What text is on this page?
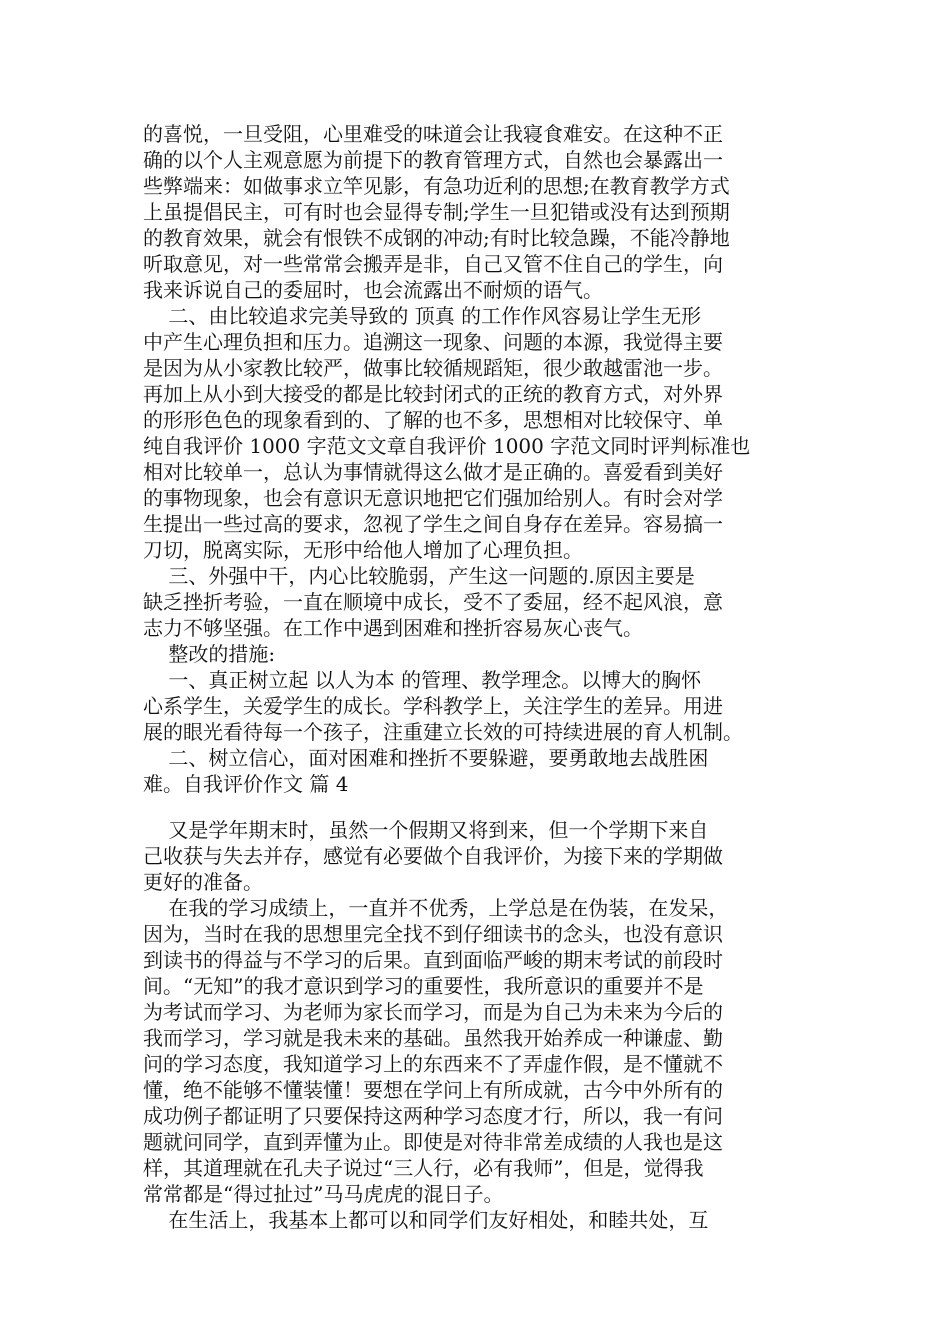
的喜悦，一旦受阻，心里难受的味道会让我寝食难安。在这种不正
确的以个人主观意愿为前提下的教育管理方式，自然也会暴露出一
些弊端来：如做事求立竿见影，有急功近利的思想;在教育教学方式
上虽提倡民主，可有时也会显得专制;学生一旦犯错或没有达到预期
的教育效果，就会有恨铁不成钢的冲动;有时比较急躁，不能冷静地
听取意见，对一些常常会搬弄是非，自己又管不住自己的学生，向
我来诉说自己的委屈时，也会流露出不耐烦的语气。
二、由比较追求完美导致的 顶真 的工作作风容易让学生无形
中产生心理负担和压力。追溯这一现象、问题的本源，我觉得主要
是因为从小家教比较严，做事比较循规蹈矩，很少敢越雷池一步。
再加上从小到大接受的都是比较封闭式的正统的教育方式，对外界
的形形色色的现象看到的、了解的也不多，思想相对比较保守、单
纯自我评价 1000 字范文文章自我评价 1000 字范文同时评判标准也
相对比较单一，总认为事情就得这么做才是正确的。喜爱看到美好
的事物现象，也会有意识无意识地把它们强加给别人。有时会对学
生提出一些过高的要求，忽视了学生之间自身存在差异。容易搞一
刀切，脱离实际，无形中给他人增加了心理负担。
三、外强中干，内心比较脆弱，产生这一问题的.原因主要是
缺乏挫折考验，一直在顺境中成长，受不了委屈，经不起风浪，意
志力不够坚强。在工作中遇到困难和挫折容易灰心丧气。
整改的措施:
一、真正树立起 以人为本 的管理、教学理念。以博大的胸怀
心系学生，关爱学生的成长。学科教学上，关注学生的差异。用进
展的眼光看待每一个孩子，注重建立长效的可持续进展的育人机制。
二、树立信心，面对困难和挫折不要躲避，要勇敢地去战胜困
难。自我评价作文 篇 4
又是学年期末时，虽然一个假期又将到来，但一个学期下来自
己收获与失去并存，感觉有必要做个自我评价，为接下来的学期做
更好的准备。
在我的学习成绩上，一直并不优秀，上学总是在伪装，在发呆，
因为，当时在我的思想里完全找不到仔细读书的念头，也没有意识
到读书的得益与不学习的后果。直到面临严峻的期末考试的前段时
间。“无知”的我才意识到学习的重要性，我所意识的重要并不是
为考试而学习、为老师为家长而学习，而是为自己为未来为今后的
我而学习，学习就是我未来的基础。虽然我开始养成一种谦虚、勤
问的学习态度，我知道学习上的东西来不了弄虚作假，是不懂就不
懂，绝不能够不懂装懂！要想在学问上有所成就，古今中外所有的
成功例子都证明了只要保持这两种学习态度才行，所以，我一有问
题就问同学，直到弄懂为止。即使是对待非常差成绩的人我也是这
样，其道理就在孔夫子说过“三人行，必有我师”，但是，觉得我
常常都是“得过扯过”马马虎虎的混日子。
在生活上，我基本上都可以和同学们友好相处，和睦共处，互
